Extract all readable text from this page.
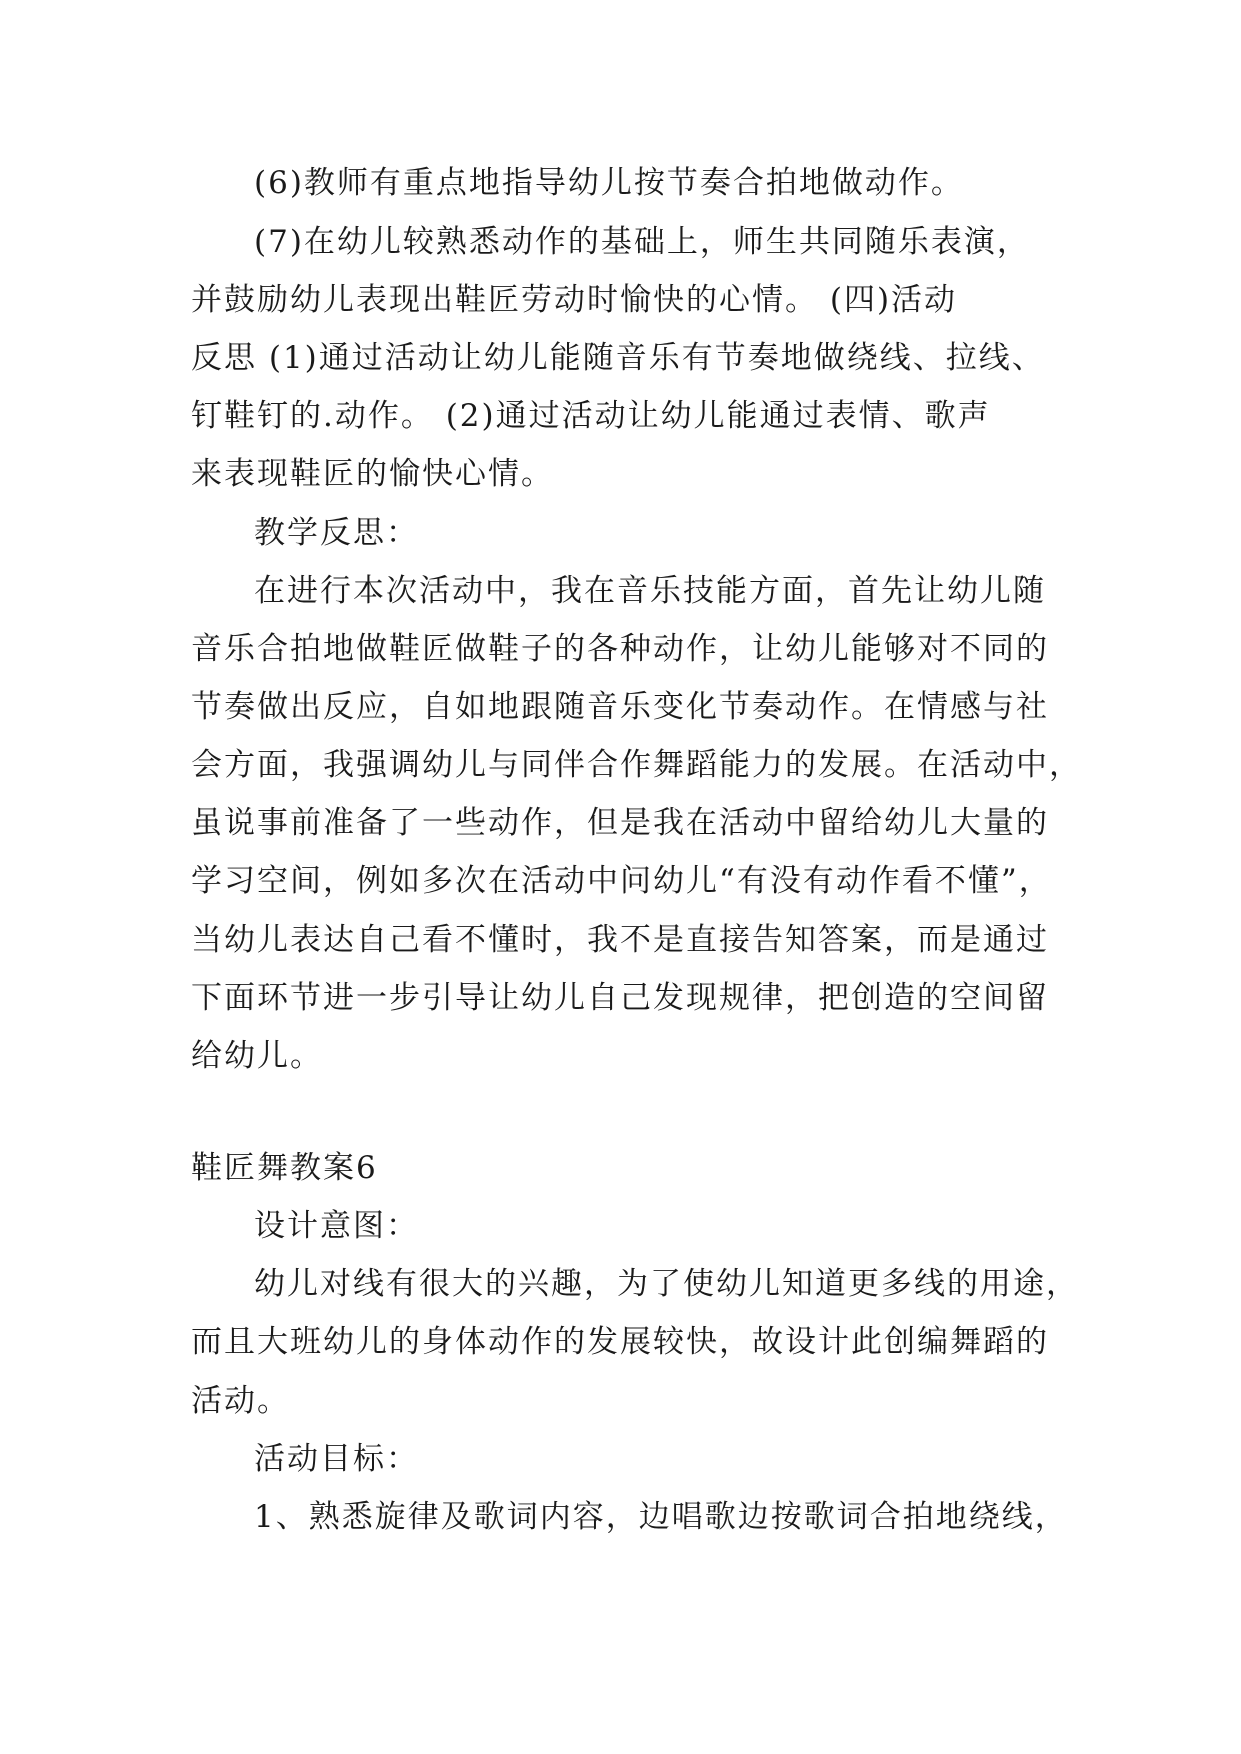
(6)教师有重点地指导幼儿按节奏合拍地做动作。
(7)在幼儿较熟悉动作的基础上，师生共同随乐表演，
并鼓励幼儿表现出鞋匠劳动时愉快的心情。 (四)活动
反思 (1)通过活动让幼儿能随音乐有节奏地做绕线、拉线、
钉鞋钉的.动作。 (2)通过活动让幼儿能通过表情、歌声
来表现鞋匠的愉快心情。
教学反思：
在进行本次活动中，我在音乐技能方面，首先让幼儿随
音乐合拍地做鞋匠做鞋子的各种动作，让幼儿能够对不同的
节奏做出反应，自如地跟随音乐变化节奏动作。在情感与社
会方面，我强调幼儿与同伴合作舞蹈能力的发展。在活动中，
虽说事前准备了一些动作，但是我在活动中留给幼儿大量的
学习空间，例如多次在活动中问幼儿“有没有动作看不懂”，
当幼儿表达自己看不懂时，我不是直接告知答案，而是通过
下面环节进一步引导让幼儿自己发现规律，把创造的空间留
给幼儿。
鞋匠舞教案6
设计意图：
幼儿对线有很大的兴趣，为了使幼儿知道更多线的用途，
而且大班幼儿的身体动作的发展较快，故设计此创编舞蹈的
活动。
活动目标：
1、熟悉旋律及歌词内容，边唱歌边按歌词合拍地绕线，
